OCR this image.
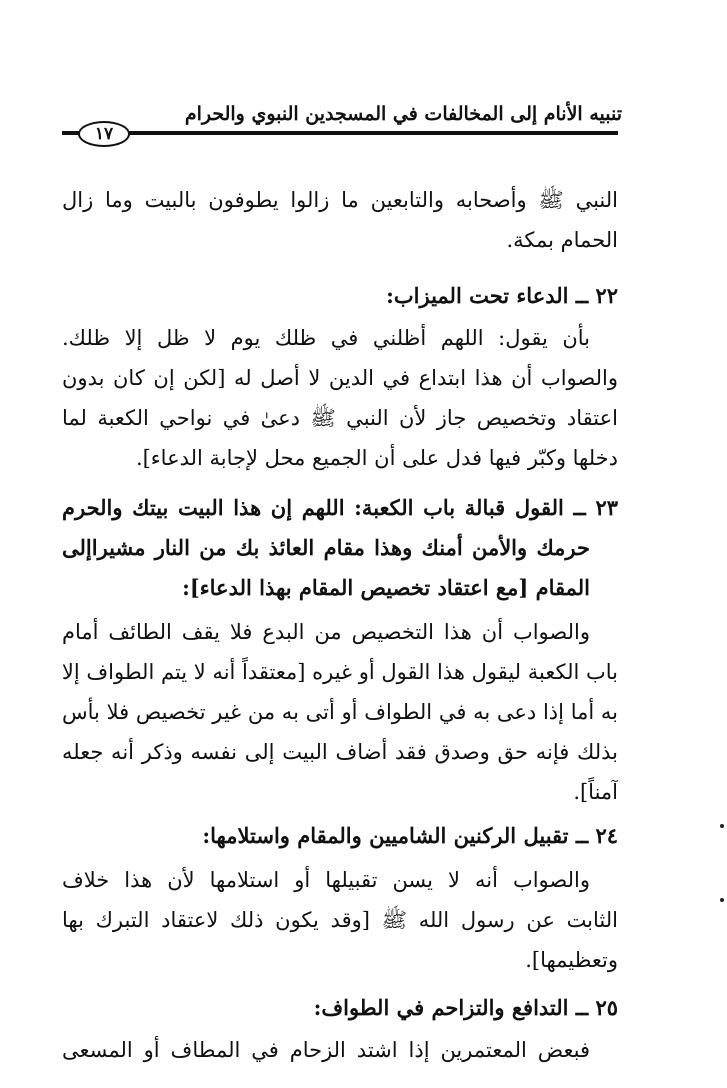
تنبيه الأنام إلى المخالفات في المسجدين النبوي والحرام
١٧
النبي ﷺ وأصحابه والتابعين ما زالوا يطوفون بالبيت وما زال
الحمام بمكة.
٢٢ ــ الدعاء تحت الميزاب:
بأن يقول: اللهم أظلني في ظلك يوم لا ظل إلا ظلك.
والصواب أن هذا ابتداع في الدين لا أصل له [لكن إن كان بدون
اعتقاد وتخصيص جاز لأن النبي ﷺ دعىٰ في نواحي الكعبة لما
دخلها وكبّر فيها فدل على أن الجميع محل لإجابة الدعاء].
٢٣ ــ القول قبالة باب الكعبة: اللهم إن هذا البيت بيتك والحرم
حرمك والأمن أمنك وهذا مقام العائذ بك من النار مشيراإلى
المقام [مع اعتقاد تخصيص المقام بهذا الدعاء]:
والصواب أن هذا التخصيص من البدع فلا يقف الطائف أمام
باب الكعبة ليقول هذا القول أو غيره [معتقداً أنه لا يتم الطواف إلا
به أما إذا دعى به في الطواف أو أتى به من غير تخصيص فلا بأس
بذلك فإنه حق وصدق فقد أضاف البيت إلى نفسه وذكر أنه جعله
آمناً].
٢٤ ــ تقبيل الركنين الشاميين والمقام واستلامها:
والصواب أنه لا يسن تقبيلها أو استلامها لأن هذا خلاف
الثابت عن رسول الله ﷺ [وقد يكون ذلك لاعتقاد التبرك بها
وتعظيمها].
٢٥ ــ التدافع والتزاحم في الطواف:
فبعض المعتمرين إذا اشتد الزحام في المطاف أو المسعى
